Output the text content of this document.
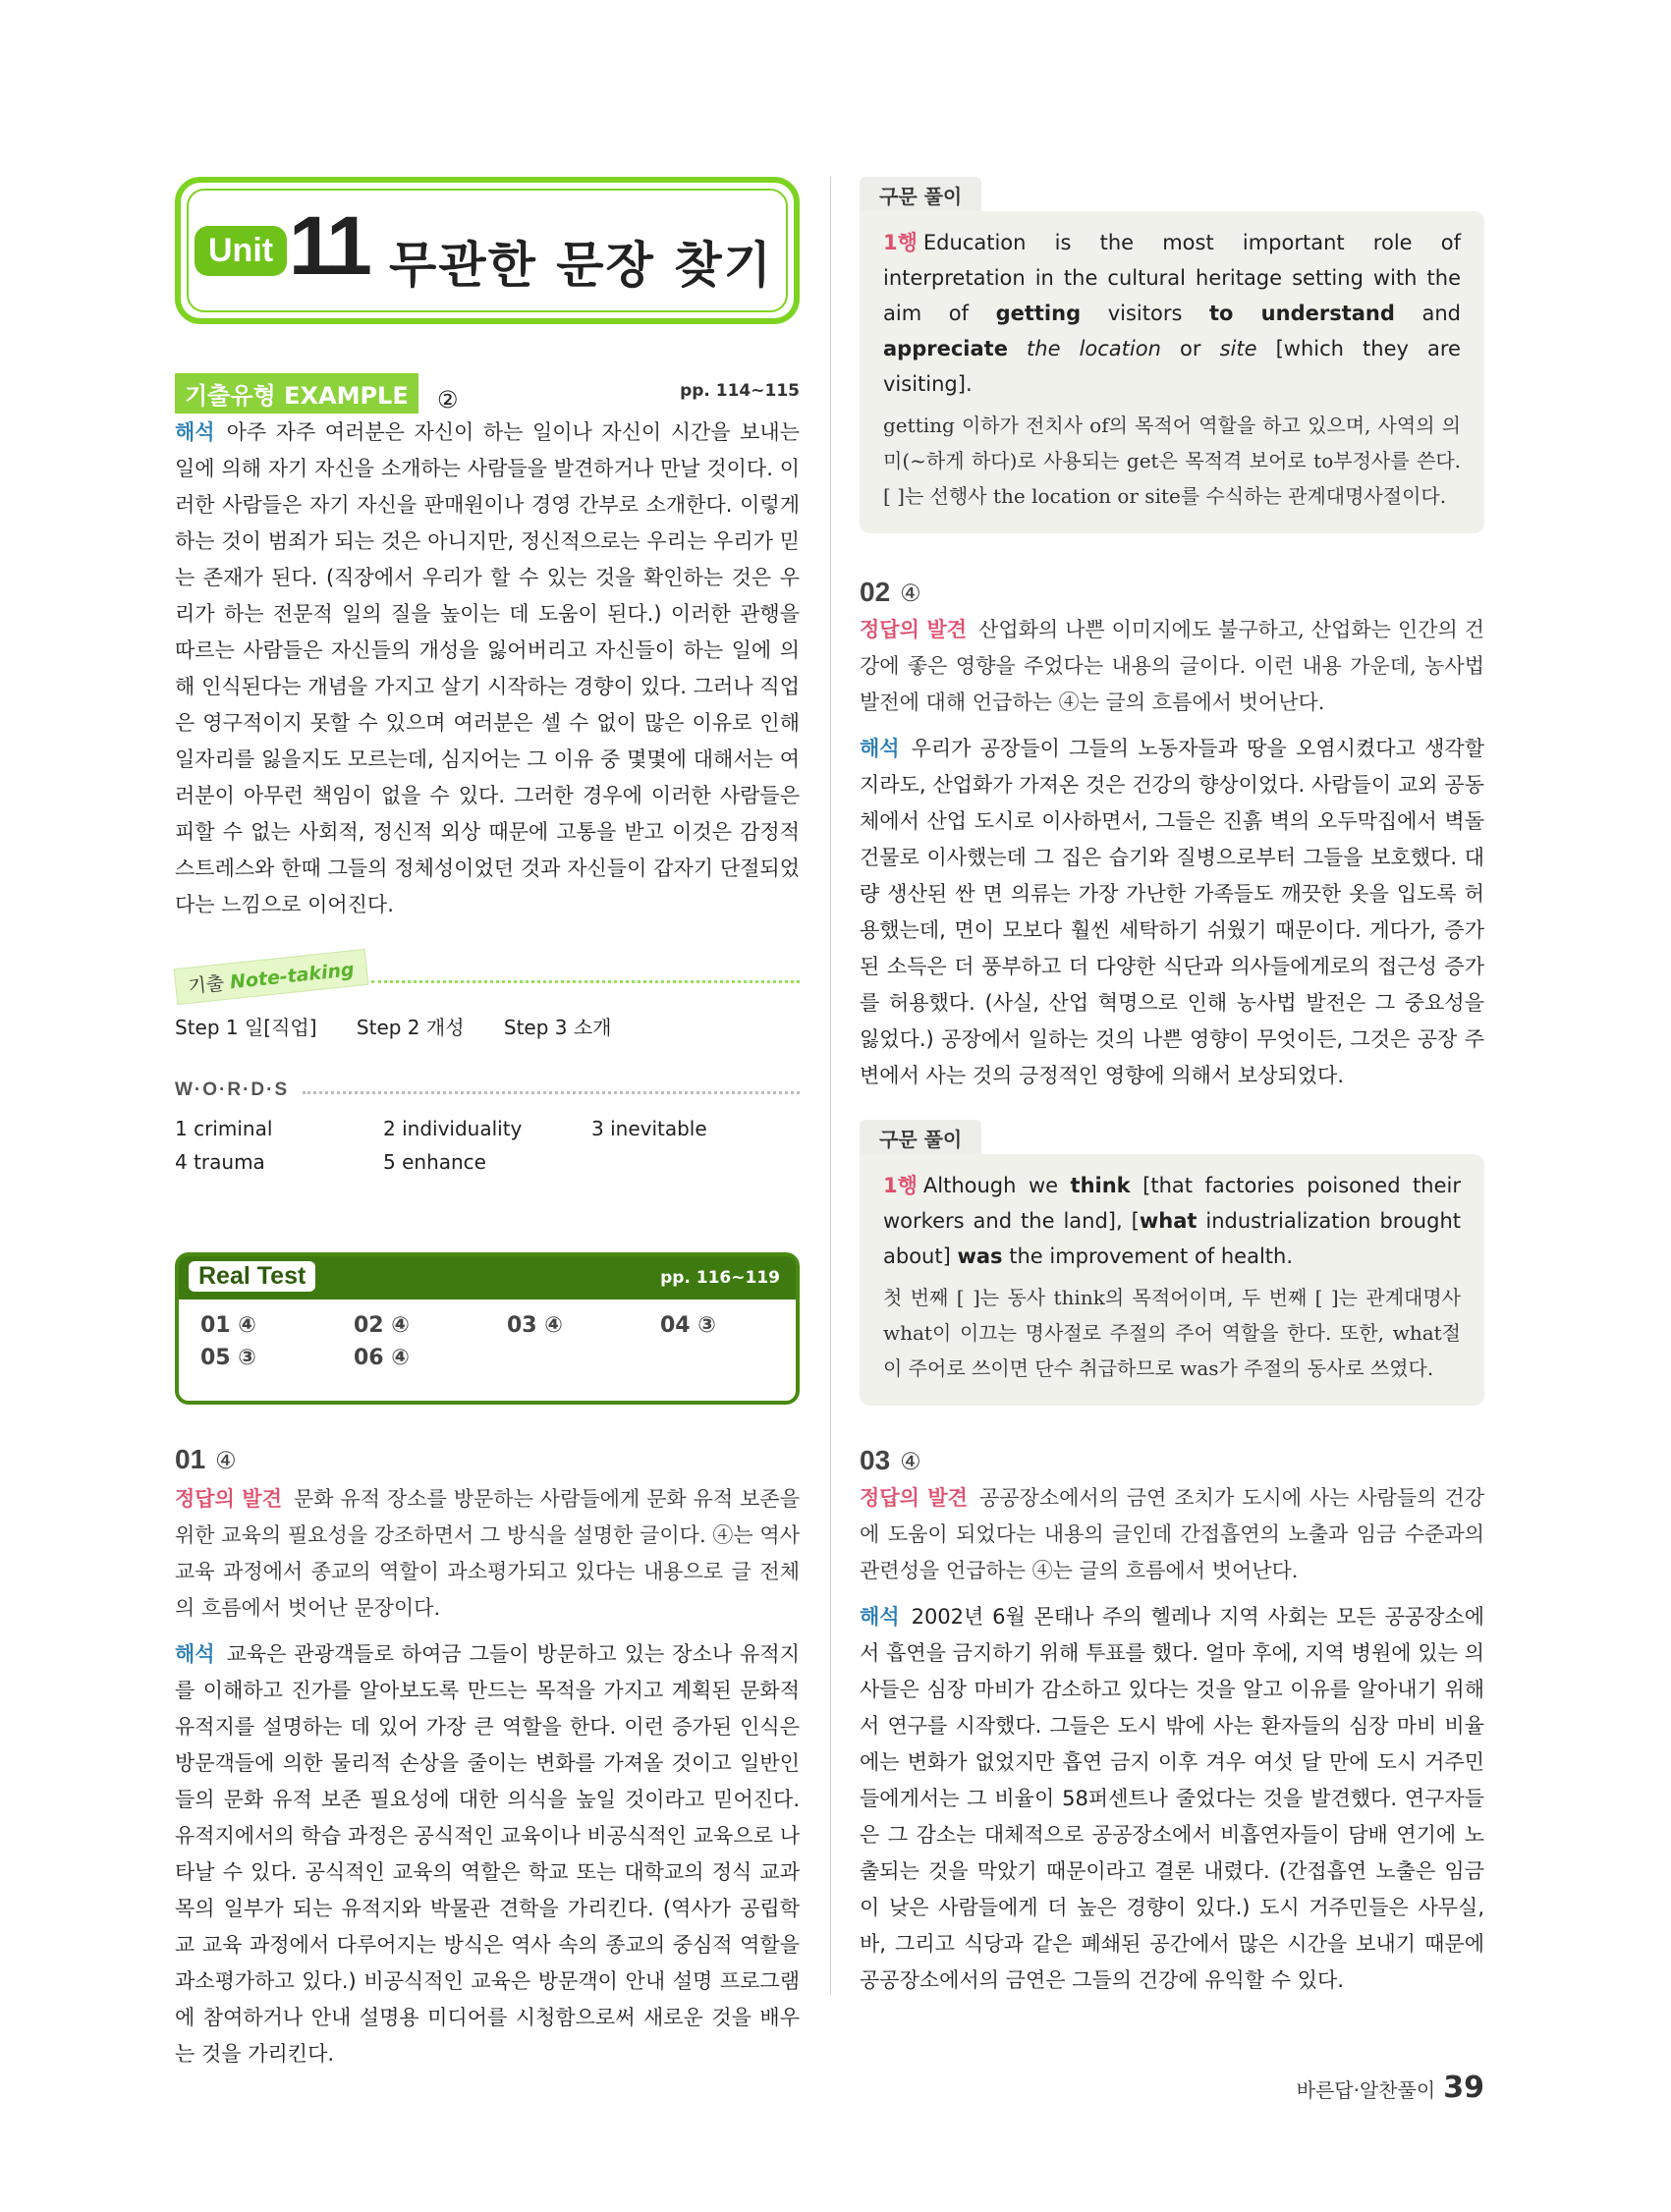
Unit 11 무관한 문장 찾기
기출유형 EXAMPLE ②	pp. 114~115

해석 아주 자주 여러분은 자신이 하는 일이나 자신이 시간을 보내는 일에 의해 자기 자신을 소개하는 사람들을 발견하거나 만날 것이다. 이러한 사람들은 자기 자신을 판매원이나 경영 간부로 소개한다. 이렇게 하는 것이 범죄가 되는 것은 아니지만, 정신적으로는 우리는 우리가 믿는 존재가 된다. (직장에서 우리가 할 수 있는 것을 확인하는 것은 우리가 하는 전문적 일의 질을 높이는 데 도움이 된다.) 이러한 관행을 따르는 사람들은 자신들의 개성을 잃어버리고 자신들이 하는 일에 의해 인식된다는 개념을 가지고 살기 시작하는 경향이 있다. 그러나 직업은 영구적이지 못할 수 있으며 여러분은 셀 수 없이 많은 이유로 인해 일자리를 잃을지도 모르는데, 심지어는 그 이유 중 몇몇에 대해서는 여러분이 아무런 책임이 없을 수 있다. 그러한 경우에 이러한 사람들은 피할 수 없는 사회적, 정신적 외상 때문에 고통을 받고 이것은 감정적 스트레스와 한때 그들의 정체성이었던 것과 자신들이 갑자기 단절되었다는 느낌으로 이어진다.

기출 Note-taking
Step 1 일[직업] Step 2 개성 Step 3 소개
W·O·R·D·S
1 criminal	2 individuality	3 inevitable
4 trauma	5 enhance
Real Test	pp. 116~119
01 ④	02 ④	03 ④	04 ③
05 ③	06 ④
01 ④

정답의 발견 문화 유적 장소를 방문하는 사람들에게 문화 유적 보존을 위한 교육의 필요성을 강조하면서 그 방식을 설명한 글이다. ④는 역사 교육 과정에서 종교의 역할이 과소평가되고 있다는 내용으로 글 전체의 흐름에서 벗어난 문장이다.

해석 교육은 관광객들로 하여금 그들이 방문하고 있는 장소나 유적지를 이해하고 진가를 알아보도록 만드는 목적을 가지고 계획된 문화적 유적지를 설명하는 데 있어 가장 큰 역할을 한다. 이런 증가된 인식은 방문객들에 의한 물리적 손상을 줄이는 변화를 가져올 것이고 일반인들의 문화 유적 보존 필요성에 대한 의식을 높일 것이라고 믿어진다. 유적지에서의 학습 과정은 공식적인 교육이나 비공식적인 교육으로 나타날 수 있다. 공식적인 교육의 역할은 학교 또는 대학교의 정식 교과목의 일부가 되는 유적지와 박물관 견학을 가리킨다. (역사가 공립학교 교육 과정에서 다루어지는 방식은 역사 속의 종교의 중심적 역할을 과소평가하고 있다.) 비공식적인 교육은 방문객이 안내 설명 프로그램에 참여하거나 안내 설명용 미디어를 시청함으로써 새로운 것을 배우는 것을 가리킨다.

구문 풀이

1행 Education is the most important role of interpretation in the cultural heritage setting with the aim of getting visitors to understand and appreciate the location or site [which they are visiting].

getting 이하가 전치사 of의 목적어 역할을 하고 있으며, 사역의 의미(~하게 하다)로 사용되는 get은 목적격 보어로 to부정사를 쓴다. [ ]는 선행사 the location or site를 수식하는 관계대명사절이다.

02 ④

정답의 발견 산업화의 나쁜 이미지에도 불구하고, 산업화는 인간의 건강에 좋은 영향을 주었다는 내용의 글이다. 이런 내용 가운데, 농사법 발전에 대해 언급하는 ④는 글의 흐름에서 벗어난다.

해석 우리가 공장들이 그들의 노동자들과 땅을 오염시켰다고 생각할지라도, 산업화가 가져온 것은 건강의 향상이었다. 사람들이 교외 공동체에서 산업 도시로 이사하면서, 그들은 진흙 벽의 오두막집에서 벽돌 건물로 이사했는데 그 집은 습기와 질병으로부터 그들을 보호했다. 대량 생산된 싼 면 의류는 가장 가난한 가족들도 깨끗한 옷을 입도록 허용했는데, 면이 모보다 훨씬 세탁하기 쉬웠기 때문이다. 게다가, 증가된 소득은 더 풍부하고 더 다양한 식단과 의사들에게로의 접근성 증가를 허용했다. (사실, 산업 혁명으로 인해 농사법 발전은 그 중요성을 잃었다.) 공장에서 일하는 것의 나쁜 영향이 무엇이든, 그것은 공장 주변에서 사는 것의 긍정적인 영향에 의해서 보상되었다.

구문 풀이

1행 Although we think [that factories poisoned their workers and the land], [what industrialization brought about] was the improvement of health.

첫 번째 [ ]는 동사 think의 목적어이며, 두 번째 [ ]는 관계대명사 what이 이끄는 명사절로 주절의 주어 역할을 한다. 또한, what절이 주어로 쓰이면 단수 취급하므로 was가 주절의 동사로 쓰였다.

03 ④

정답의 발견 공공장소에서의 금연 조치가 도시에 사는 사람들의 건강에 도움이 되었다는 내용의 글인데 간접흡연의 노출과 임금 수준과의 관련성을 언급하는 ④는 글의 흐름에서 벗어난다.

해석 2002년 6월 몬태나 주의 헬레나 지역 사회는 모든 공공장소에서 흡연을 금지하기 위해 투표를 했다. 얼마 후에, 지역 병원에 있는 의사들은 심장 마비가 감소하고 있다는 것을 알고 이유를 알아내기 위해서 연구를 시작했다. 그들은 도시 밖에 사는 환자들의 심장 마비 비율에는 변화가 없었지만 흡연 금지 이후 겨우 여섯 달 만에 도시 거주민들에게서는 그 비율이 58퍼센트나 줄었다는 것을 발견했다. 연구자들은 그 감소는 대체적으로 공공장소에서 비흡연자들이 담배 연기에 노출되는 것을 막았기 때문이라고 결론 내렸다. (간접흡연 노출은 임금이 낮은 사람들에게 더 높은 경향이 있다.) 도시 거주민들은 사무실, 바, 그리고 식당과 같은 폐쇄된 공간에서 많은 시간을 보내기 때문에 공공장소에서의 금연은 그들의 건강에 유익할 수 있다.

바른답·알찬풀이 39
